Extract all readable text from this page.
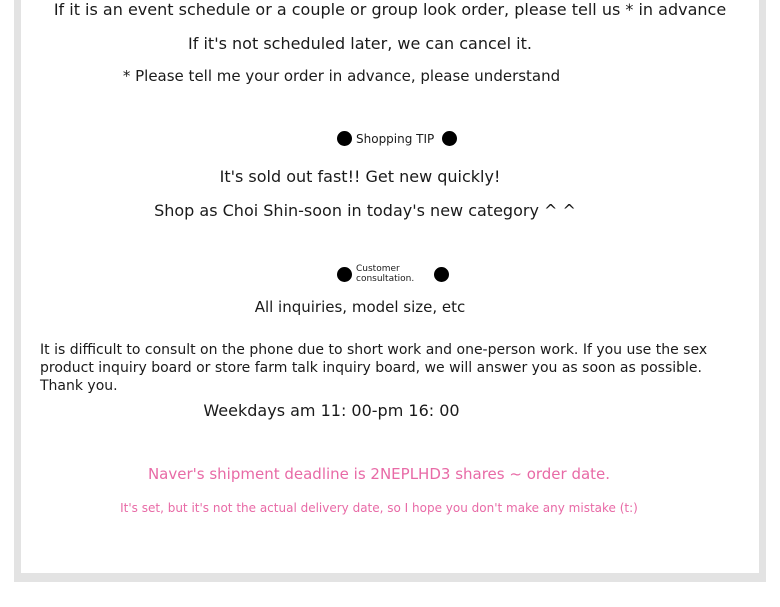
If it is an event schedule or a couple or group look order, please tell us * in advance
If it's not scheduled later, we can cancel it.
* Please tell me your order in advance, please understand
Shopping TIP
It's sold out fast!! Get new quickly!
Shop as Choi Shin-soon in today's new category ^ ^
Customer consultation.
All inquiries, model size, etc
It is difficult to consult on the phone due to short work and one-person work. If you use the sex product inquiry board or store farm talk inquiry board, we will answer you as soon as possible. Thank you.
Weekdays am 11: 00-pm 16: 00
Naver's shipment deadline is 2NEPLHD3 shares ~ order date.
It's set, but it's not the actual delivery date, so I hope you don't make any mistake (t:)
